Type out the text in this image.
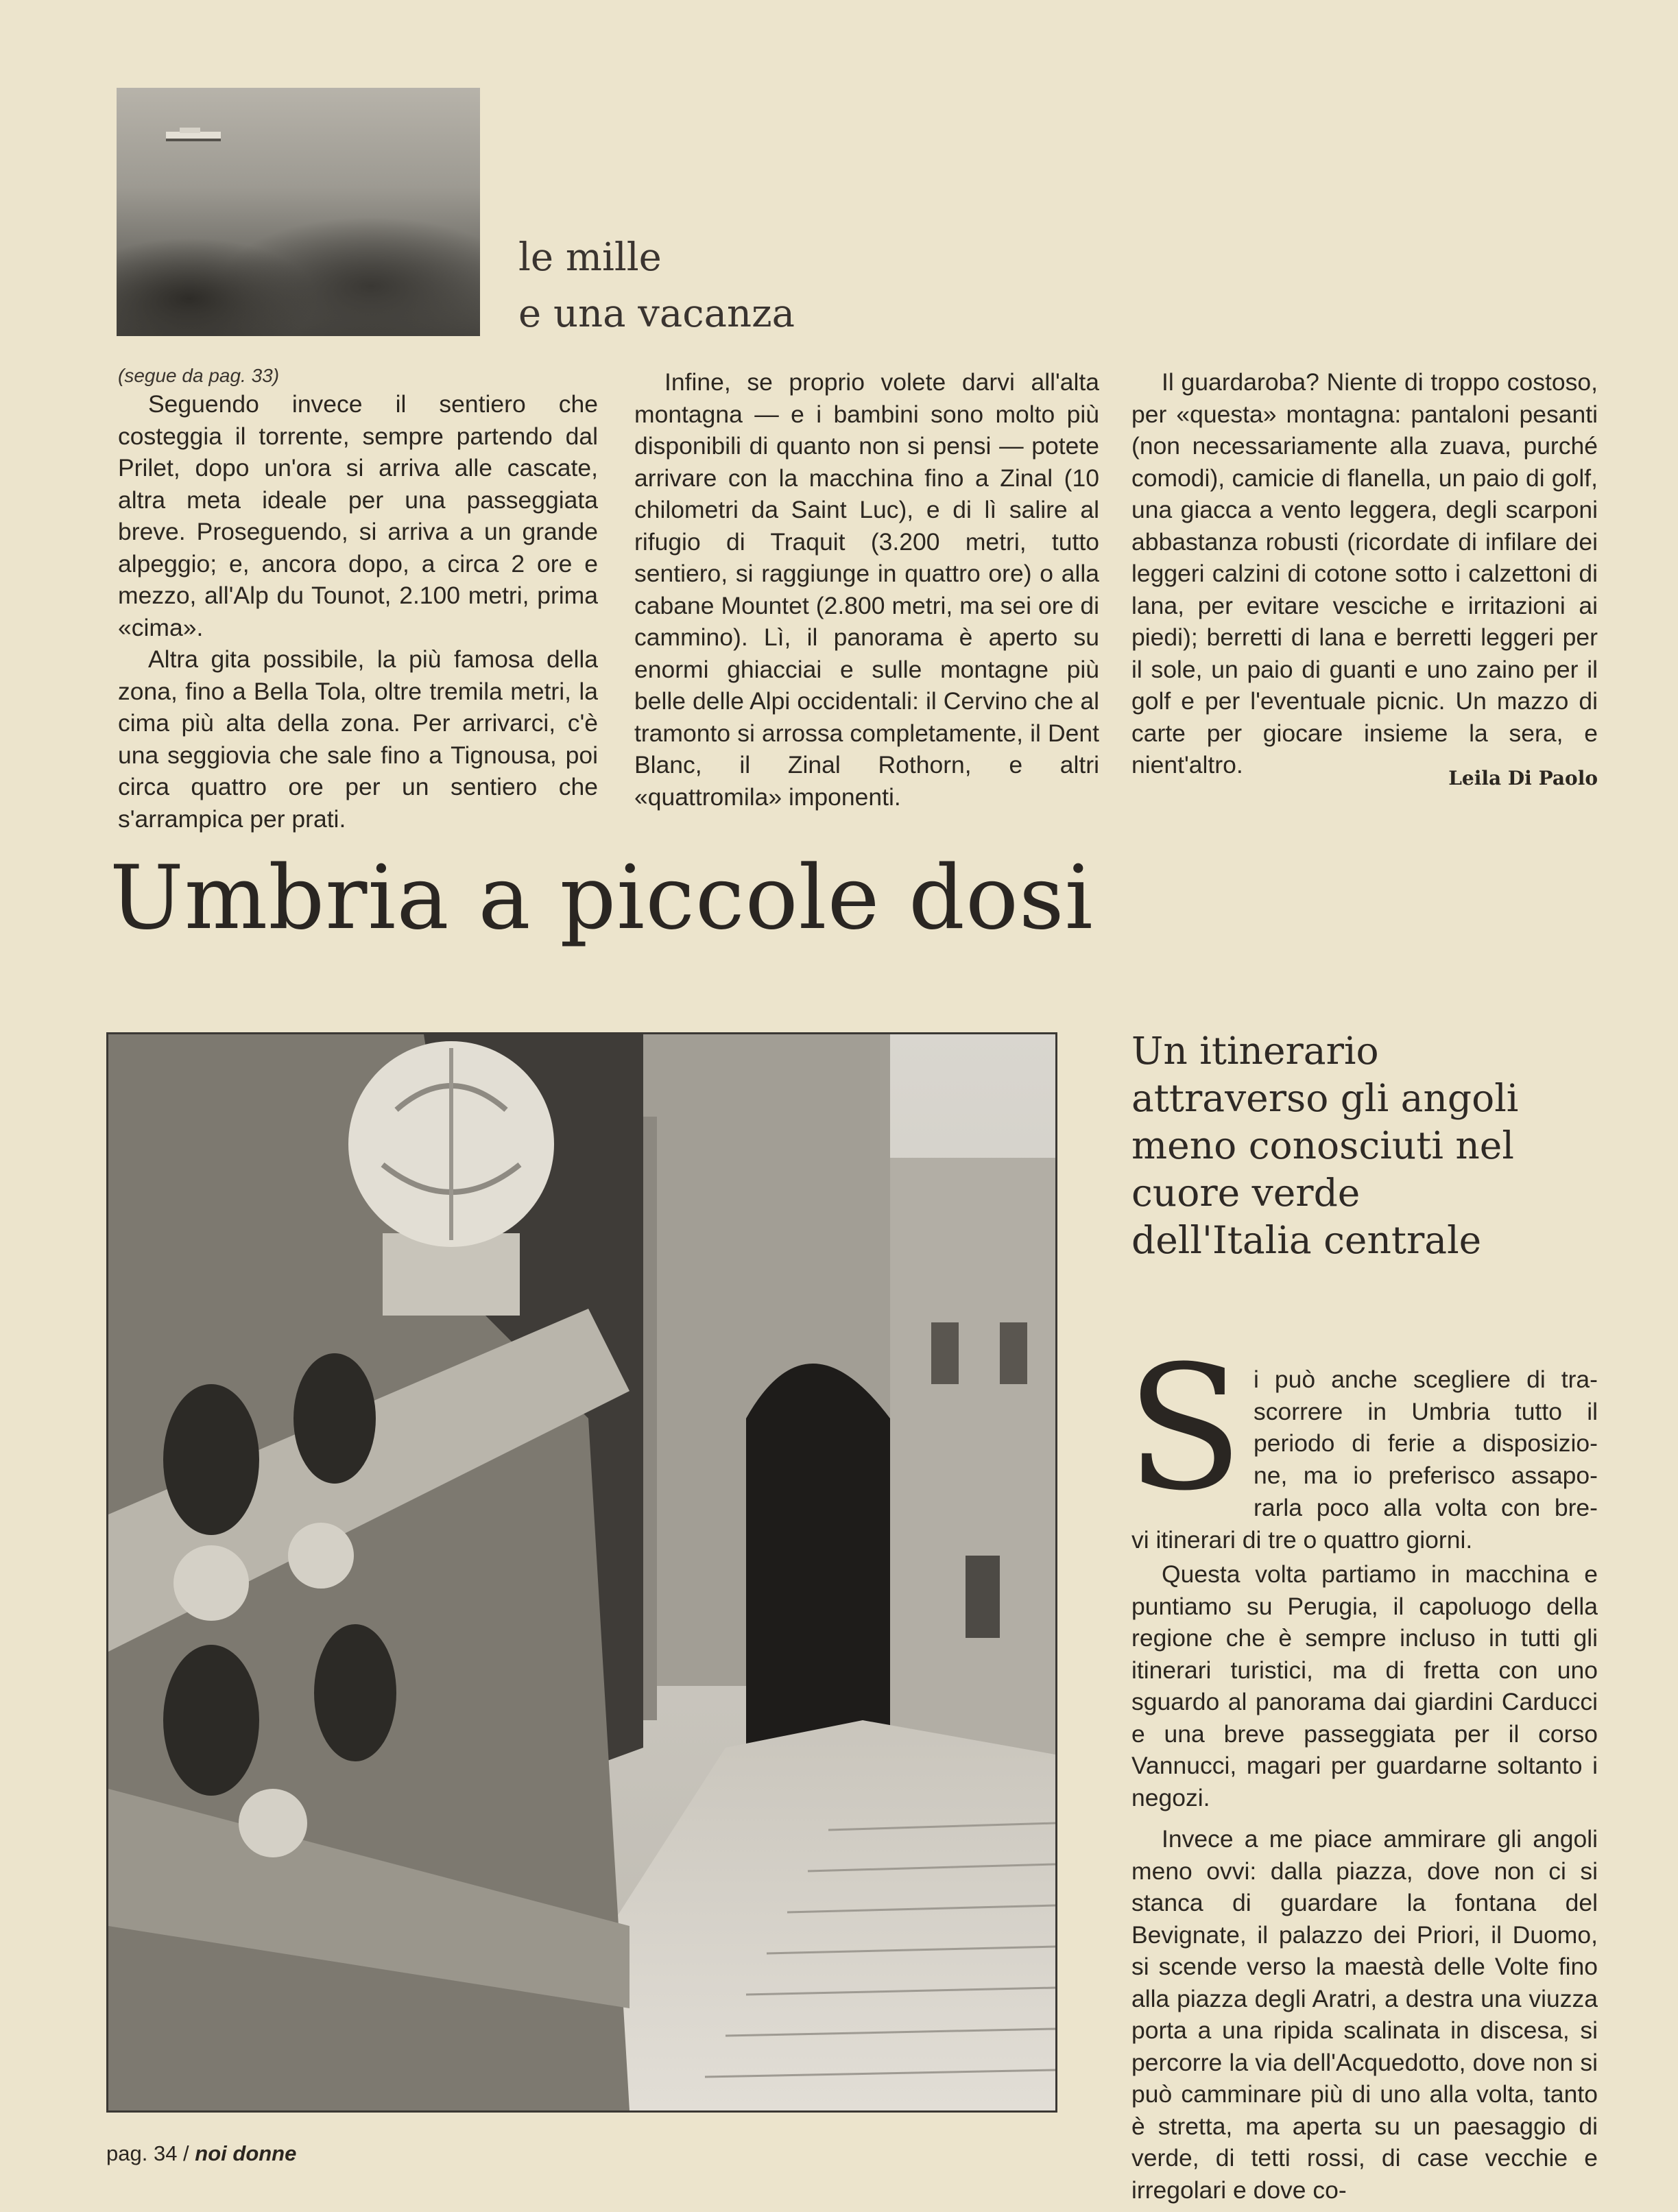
le mille
e una vacanza
(segue da pag. 33)

Seguendo invece il sentiero che costeggia il torrente, sempre partendo dal Prilet, dopo un'ora si arriva alle cascate, altra meta ideale per una passeggiata breve. Proseguendo, si arriva a un grande alpeggio; e, ancora dopo, a circa 2 ore e mezzo, all'Alp du Tounot, 2.100 metri, prima «cima».

Altra gita possibile, la più famosa della zona, fino a Bella Tola, oltre tremila metri, la cima più alta della zona. Per arrivarci, c'è una seggiovia che sale fino a Tignousa, poi circa quattro ore per un sentiero che s'arrampica per prati.

Infine, se proprio volete darvi all'alta montagna — e i bambini sono molto più disponibili di quanto non si pensi — potete arrivare con la macchina fino a Zinal (10 chilometri da Saint Luc), e di lì salire al rifugio di Traquit (3.200 metri, tutto sentiero, si raggiunge in quattro ore) o alla cabane Mountet (2.800 metri, ma sei ore di cammino). Lì, il panorama è aperto su enormi ghiacciai e sulle montagne più belle delle Alpi occidentali: il Cervino che al tramonto si arrossa completamente, il Dent Blanc, il Zinal Rothorn, e altri «quattromila» imponenti.

Il guardaroba? Niente di troppo costoso, per «questa» montagna: pantaloni pesanti (non necessariamente alla zuava, purché comodi), camicie di flanella, un paio di golf, una giacca a vento leggera, degli scarponi abbastanza robusti (ricordate di infilare dei leggeri calzini di cotone sotto i calzettoni di lana, per evitare vesciche e irritazioni ai piedi); berretti di lana e berretti leggeri per il sole, un paio di guanti e uno zaino per il golf e per l'eventuale picnic. Un mazzo di carte per giocare insieme la sera, e nient'altro.	Leila Di Paolo
Umbria a piccole dosi
Un itinerario
attraverso gli angoli
meno conosciuti nel
cuore verde
dell'Italia centrale
S i può anche scegliere di tra-
scorrere in Umbria tutto il
periodo di ferie a disposizio-
ne, ma io preferisco assapo-
rarla poco alla volta con bre-
vi itinerari di tre o quattro giorni.

Questa volta partiamo in macchina e puntiamo su Perugia, il capoluogo della regione che è sempre incluso in tutti gli itinerari turistici, ma di fretta con uno sguardo al panorama dai giardini Carducci e una breve passeggiata per il corso Vannucci, magari per guardarne soltanto i negozi.

Invece a me piace ammirare gli angoli meno ovvi: dalla piazza, dove non ci si stanca di guardare la fontana del Bevignate, il palazzo dei Priori, il Duomo, si scende verso la maestà delle Volte fino alla piazza degli Aratri, a destra una viuzza porta a una ripida scalinata in discesa, si percorre la via dell'Acquedotto, dove non si può camminare più di uno alla volta, tanto è stretta, ma aperta su un paesaggio di verde, di tetti rossi, di case vecchie e irregolari e dove co-

pag. 34 / noi donne
